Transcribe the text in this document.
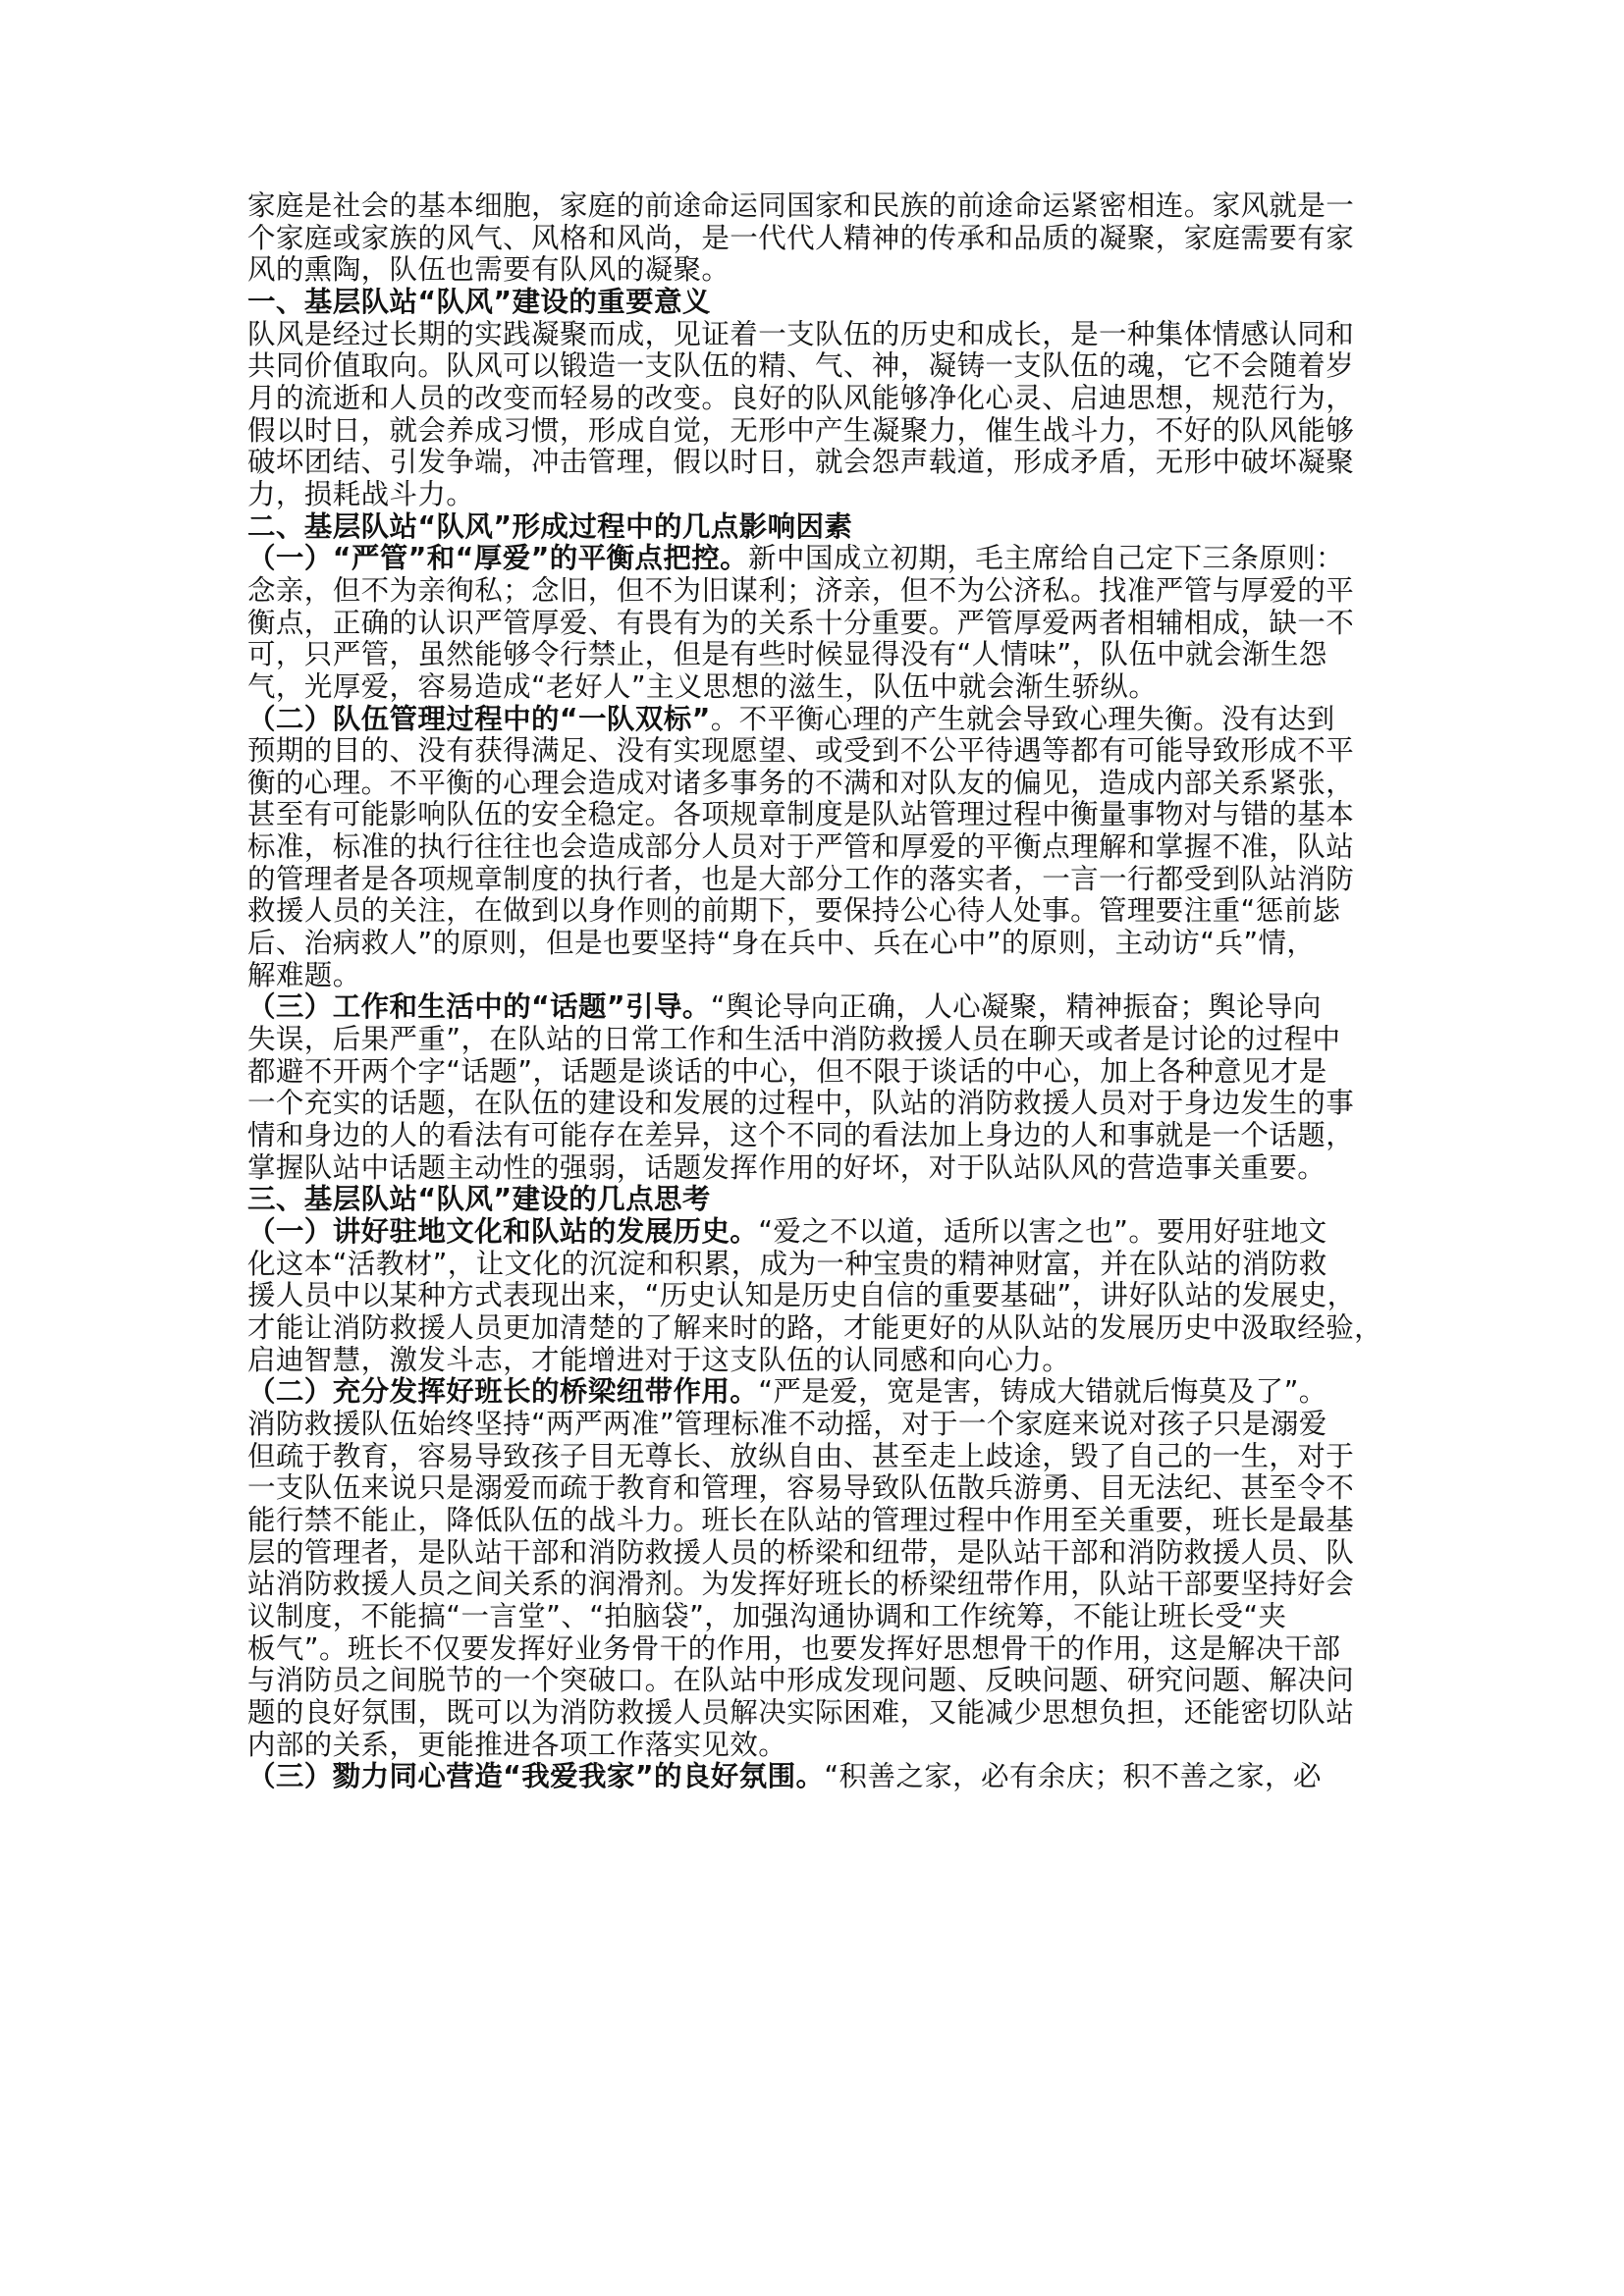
家庭是社会的基本细胞，家庭的前途命运同国家和民族的前途命运紧密相连。家风就是一
个家庭或家族的风气、风格和风尚，是一代代人精神的传承和品质的凝聚，家庭需要有家
风的熏陶，队伍也需要有队风的凝聚。
一、基层队站“队风”建设的重要意义
队风是经过长期的实践凝聚而成，见证着一支队伍的历史和成长，是一种集体情感认同和
共同价值取向。队风可以锻造一支队伍的精、气、神，凝铸一支队伍的魂，它不会随着岁
月的流逝和人员的改变而轻易的改变。良好的队风能够净化心灵、启迪思想，规范行为，
假以时日，就会养成习惯，形成自觉，无形中产生凝聚力，催生战斗力，不好的队风能够
破坏团结、引发争端，冲击管理，假以时日，就会怨声载道，形成矛盾，无形中破坏凝聚
力，损耗战斗力。
二、基层队站“队风”形成过程中的几点影响因素
（一）“严管”和“厚爱”的平衡点把控。新中国成立初期，毛主席给自己定下三条原则：
念亲，但不为亲徇私；念旧，但不为旧谋利；济亲，但不为公济私。找准严管与厚爱的平
衡点，正确的认识严管厚爱、有畏有为的关系十分重要。严管厚爱两者相辅相成，缺一不
可，只严管，虽然能够令行禁止，但是有些时候显得没有“人情味”，队伍中就会渐生怨
气，光厚爱，容易造成“老好人”主义思想的滋生，队伍中就会渐生骄纵。
（二）队伍管理过程中的“一队双标”。不平衡心理的产生就会导致心理失衡。没有达到
预期的目的、没有获得满足、没有实现愿望、或受到不公平待遇等都有可能导致形成不平
衡的心理。不平衡的心理会造成对诸多事务的不满和对队友的偏见，造成内部关系紧张，
甚至有可能影响队伍的安全稳定。各项规章制度是队站管理过程中衡量事物对与错的基本
标准，标准的执行往往也会造成部分人员对于严管和厚爱的平衡点理解和掌握不准，队站
的管理者是各项规章制度的执行者，也是大部分工作的落实者，一言一行都受到队站消防
救援人员的关注，在做到以身作则的前期下，要保持公心待人处事。管理要注重“惩前毖
后、治病救人”的原则，但是也要坚持“身在兵中、兵在心中”的原则，主动访“兵”情，
解难题。
（三）工作和生活中的“话题”引导。“舆论导向正确，人心凝聚，精神振奋；舆论导向
失误，后果严重”，在队站的日常工作和生活中消防救援人员在聊天或者是讨论的过程中
都避不开两个字“话题”，话题是谈话的中心，但不限于谈话的中心，加上各种意见才是
一个充实的话题，在队伍的建设和发展的过程中，队站的消防救援人员对于身边发生的事
情和身边的人的看法有可能存在差异，这个不同的看法加上身边的人和事就是一个话题，
掌握队站中话题主动性的强弱，话题发挥作用的好坏，对于队站队风的营造事关重要。
三、基层队站“队风”建设的几点思考
（一）讲好驻地文化和队站的发展历史。“爱之不以道，适所以害之也”。要用好驻地文
化这本“活教材”，让文化的沉淀和积累，成为一种宝贵的精神财富，并在队站的消防救
援人员中以某种方式表现出来，“历史认知是历史自信的重要基础”，讲好队站的发展史，
才能让消防救援人员更加清楚的了解来时的路，才能更好的从队站的发展历史中汲取经验，
启迪智慧，激发斗志，才能增进对于这支队伍的认同感和向心力。
（二）充分发挥好班长的桥梁纽带作用。“严是爱，宽是害，铸成大错就后悔莫及了”。
消防救援队伍始终坚持“两严两准”管理标准不动摇，对于一个家庭来说对孩子只是溺爱
但疏于教育，容易导致孩子目无尊长、放纵自由、甚至走上歧途，毁了自己的一生，对于
一支队伍来说只是溺爱而疏于教育和管理，容易导致队伍散兵游勇、目无法纪、甚至令不
能行禁不能止，降低队伍的战斗力。班长在队站的管理过程中作用至关重要，班长是最基
层的管理者，是队站干部和消防救援人员的桥梁和纽带，是队站干部和消防救援人员、队
站消防救援人员之间关系的润滑剂。为发挥好班长的桥梁纽带作用，队站干部要坚持好会
议制度，不能搞“一言堂”、“拍脑袋”，加强沟通协调和工作统筹，不能让班长受“夹
板气”。班长不仅要发挥好业务骨干的作用，也要发挥好思想骨干的作用，这是解决干部
与消防员之间脱节的一个突破口。在队站中形成发现问题、反映问题、研究问题、解决问
题的良好氛围，既可以为消防救援人员解决实际困难，又能减少思想负担，还能密切队站
内部的关系，更能推进各项工作落实见效。
（三）勠力同心营造“我爱我家”的良好氛围。“积善之家，必有余庆；积不善之家，必
